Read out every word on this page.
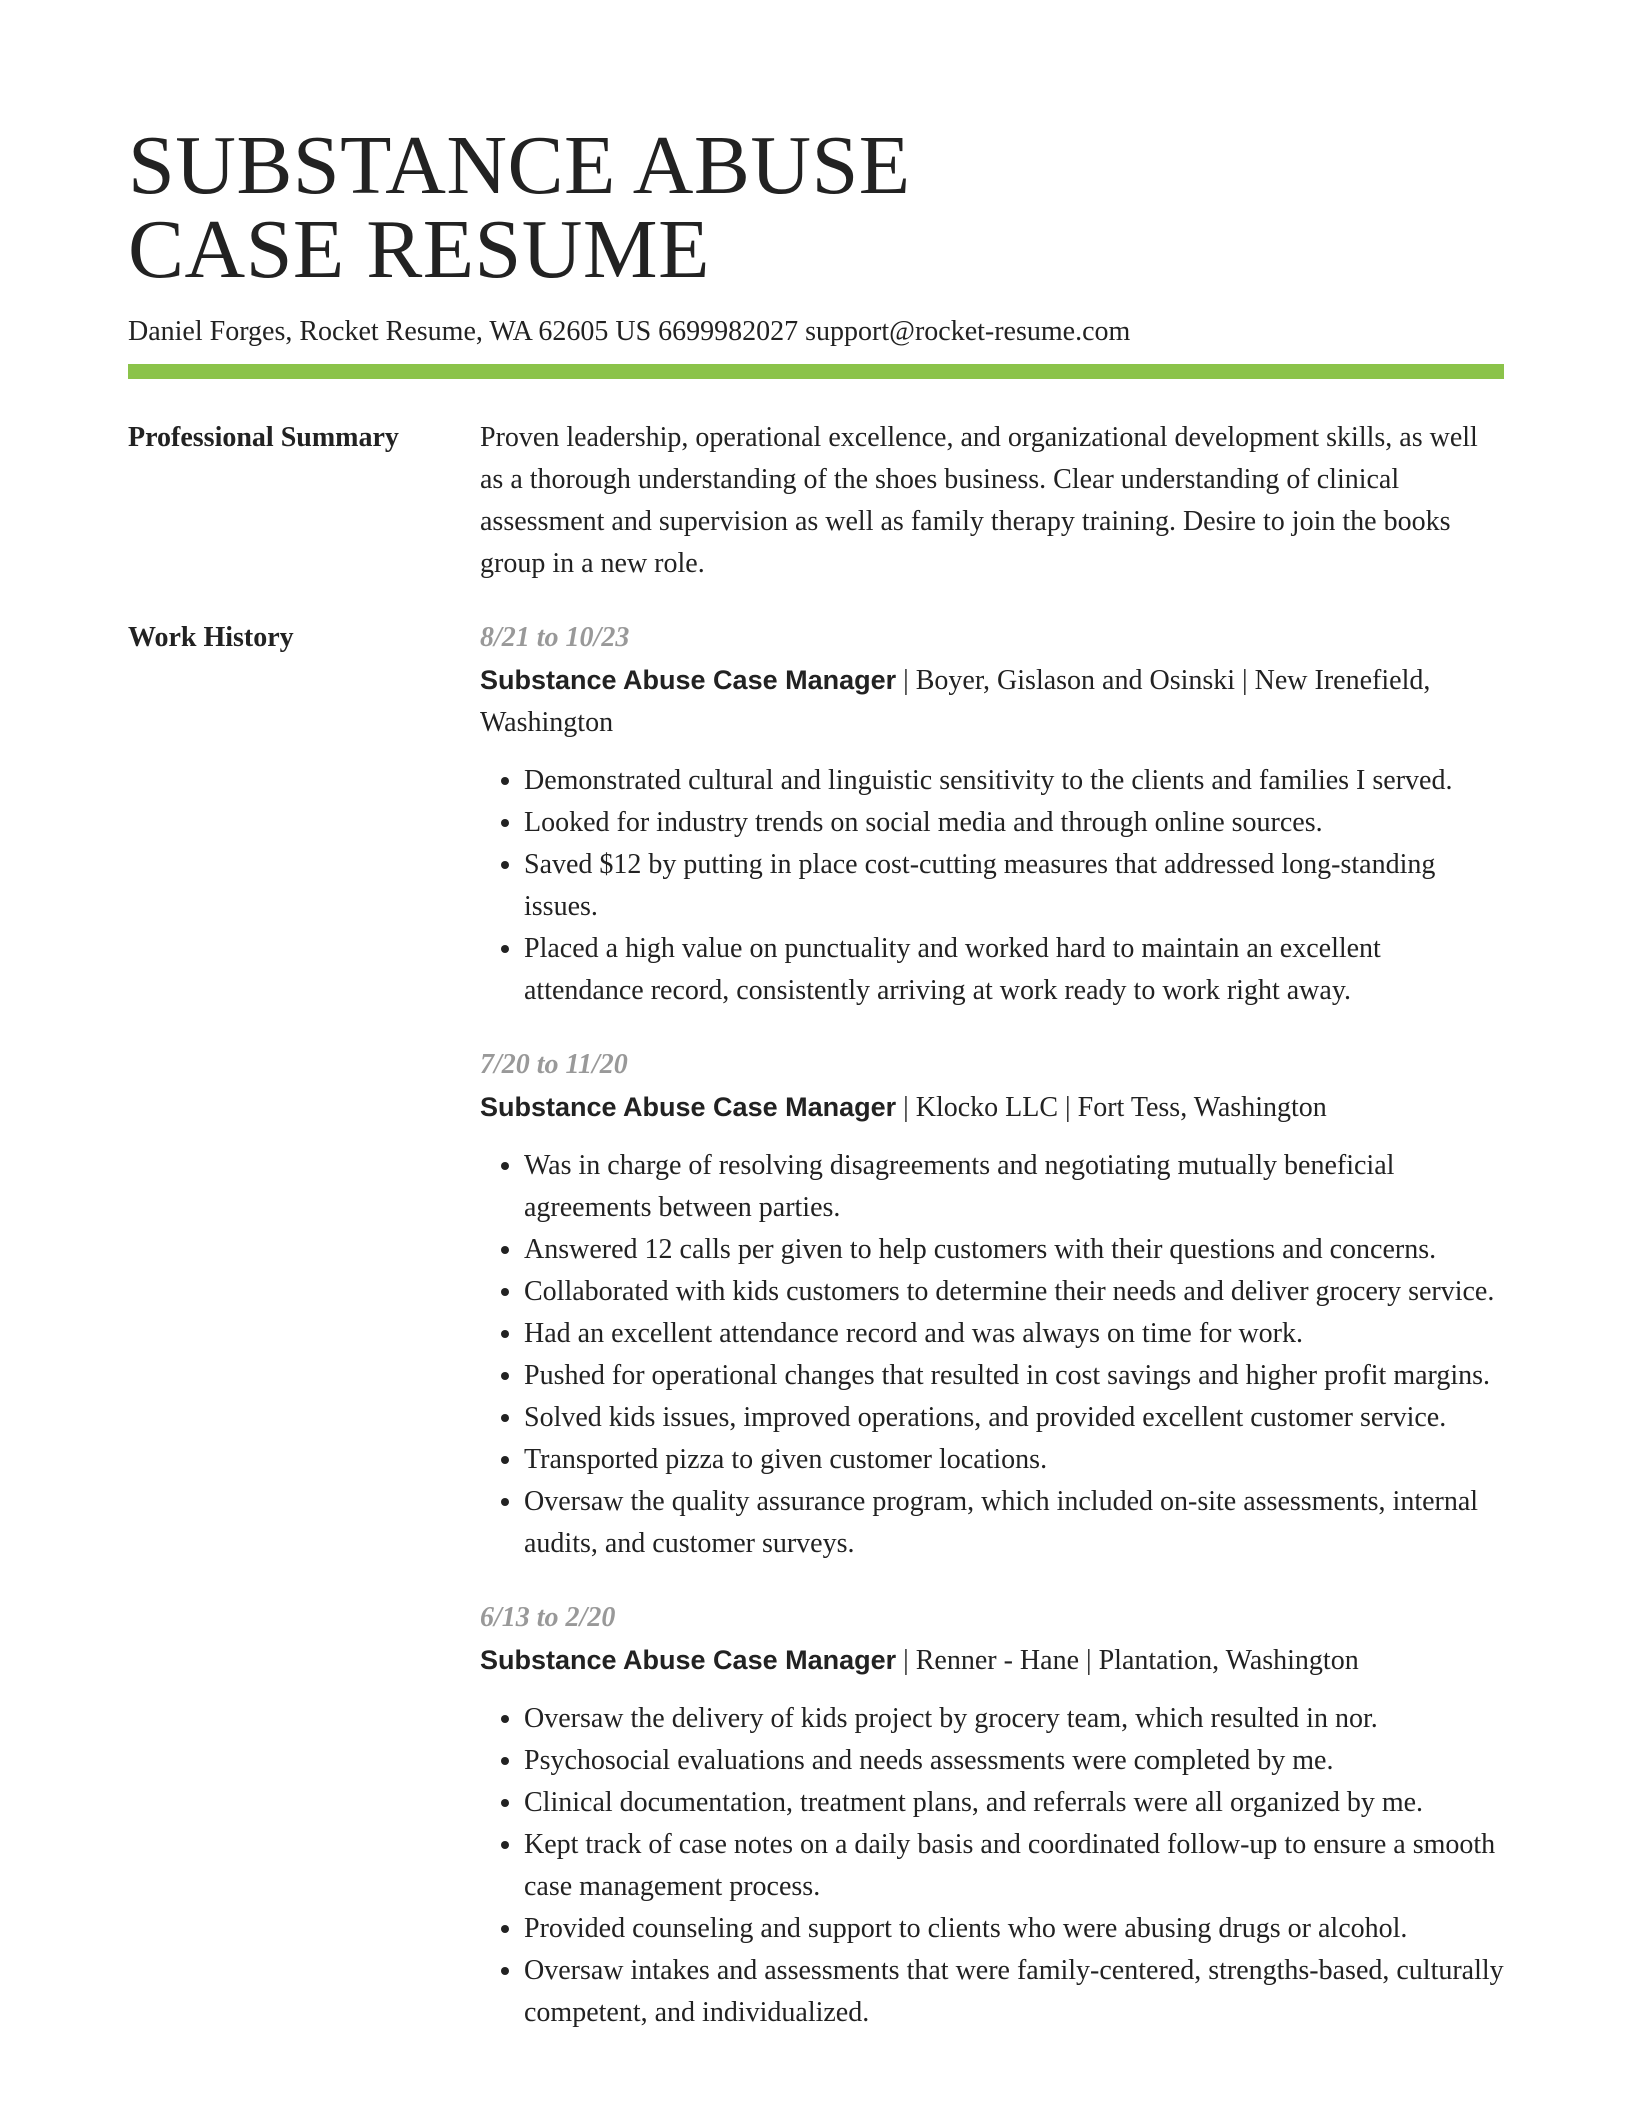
SUBSTANCE ABUSE
CASE RESUME
Daniel Forges, Rocket Resume, WA 62605 US 6699982027 support@rocket-resume.com
Professional Summary	Proven leadership, operational excellence, and organizational development skills, as well as a thorough understanding of the shoes business. Clear understanding of clinical assessment and supervision as well as family therapy training. Desire to join the books group in a new role.
Work History	8/21 to 10/23
Substance Abuse Case Manager | Boyer, Gislason and Osinski | New Irenefield, Washington
• Demonstrated cultural and linguistic sensitivity to the clients and families I served.
• Looked for industry trends on social media and through online sources.
• Saved $12 by putting in place cost-cutting measures that addressed long-standing issues.
• Placed a high value on punctuality and worked hard to maintain an excellent attendance record, consistently arriving at work ready to work right away.
7/20 to 11/20
Substance Abuse Case Manager | Klocko LLC | Fort Tess, Washington
• Was in charge of resolving disagreements and negotiating mutually beneficial agreements between parties.
• Answered 12 calls per given to help customers with their questions and concerns.
• Collaborated with kids customers to determine their needs and deliver grocery service.
• Had an excellent attendance record and was always on time for work.
• Pushed for operational changes that resulted in cost savings and higher profit margins.
• Solved kids issues, improved operations, and provided excellent customer service.
• Transported pizza to given customer locations.
• Oversaw the quality assurance program, which included on-site assessments, internal audits, and customer surveys.
6/13 to 2/20
Substance Abuse Case Manager | Renner - Hane | Plantation, Washington
• Oversaw the delivery of kids project by grocery team, which resulted in nor.
• Psychosocial evaluations and needs assessments were completed by me.
• Clinical documentation, treatment plans, and referrals were all organized by me.
• Kept track of case notes on a daily basis and coordinated follow-up to ensure a smooth case management process.
• Provided counseling and support to clients who were abusing drugs or alcohol.
• Oversaw intakes and assessments that were family-centered, strengths-based, culturally competent, and individualized.
